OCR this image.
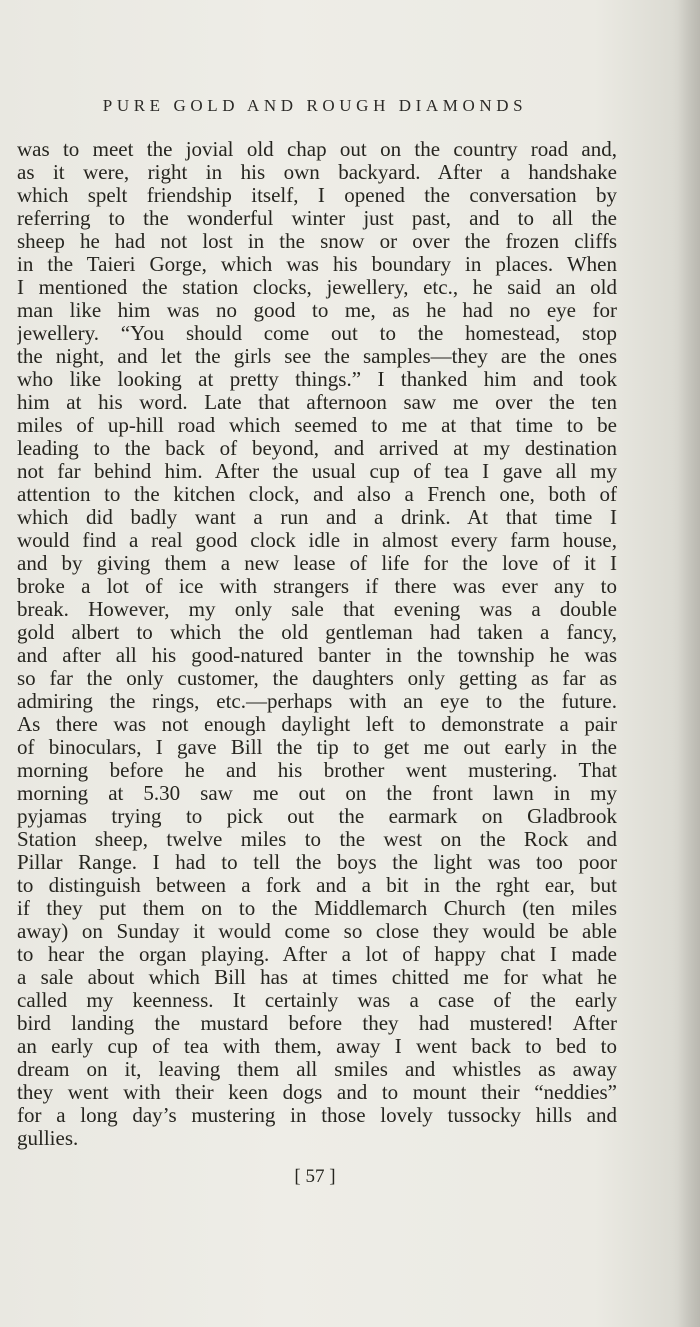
PURE GOLD AND ROUGH DIAMONDS
was to meet the jovial old chap out on the country road and,
as it were, right in his own backyard. After a handshake
which spelt friendship itself, I opened the conversation by
referring to the wonderful winter just past, and to all the
sheep he had not lost in the snow or over the frozen cliffs
in the Taieri Gorge, which was his boundary in places. When
I mentioned the station clocks, jewellery, etc., he said an old
man like him was no good to me, as he had no eye for
jewellery. “You should come out to the homestead, stop
the night, and let the girls see the samples—they are the ones
who like looking at pretty things.” I thanked him and took
him at his word. Late that afternoon saw me over the ten
miles of up-hill road which seemed to me at that time to be
leading to the back of beyond, and arrived at my destination
not far behind him. After the usual cup of tea I gave all my
attention to the kitchen clock, and also a French one, both of
which did badly want a run and a drink. At that time I
would find a real good clock idle in almost every farm house,
and by giving them a new lease of life for the love of it I
broke a lot of ice with strangers if there was ever any to
break. However, my only sale that evening was a double
gold albert to which the old gentleman had taken a fancy,
and after all his good-natured banter in the township he was
so far the only customer, the daughters only getting as far as
admiring the rings, etc.—perhaps with an eye to the future.
As there was not enough daylight left to demonstrate a pair
of binoculars, I gave Bill the tip to get me out early in the
morning before he and his brother went mustering. That
morning at 5.30 saw me out on the front lawn in my
pyjamas trying to pick out the earmark on Gladbrook
Station sheep, twelve miles to the west on the Rock and
Pillar Range. I had to tell the boys the light was too poor
to distinguish between a fork and a bit in the rght ear, but
if they put them on to the Middlemarch Church (ten miles
away) on Sunday it would come so close they would be able
to hear the organ playing. After a lot of happy chat I made
a sale about which Bill has at times chitted me for what he
called my keenness. It certainly was a case of the early
bird landing the mustard before they had mustered! After
an early cup of tea with them, away I went back to bed to
dream on it, leaving them all smiles and whistles as away
they went with their keen dogs and to mount their “neddies”
for a long day’s mustering in those lovely tussocky hills and
gullies.
[ 57 ]
